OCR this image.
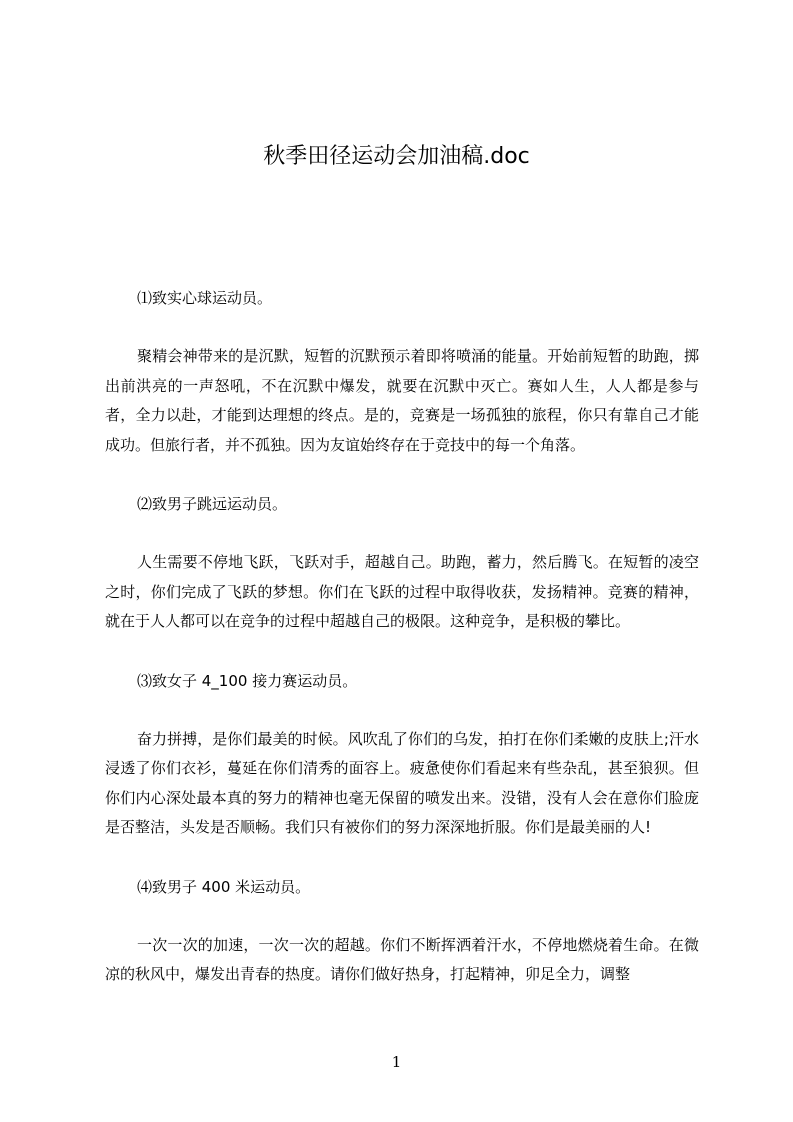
秋季田径运动会加油稿.doc

⑴致实心球运动员。

聚精会神带来的是沉默，短暂的沉默预示着即将喷涌的能量。开始前短暂的助跑，掷出前洪亮的一声怒吼，不在沉默中爆发，就要在沉默中灭亡。赛如人生，人人都是参与者，全力以赴，才能到达理想的终点。是的，竞赛是一场孤独的旅程，你只有靠自己才能成功。但旅行者，并不孤独。因为友谊始终存在于竞技中的每一个角落。

⑵致男子跳远运动员。

人生需要不停地飞跃，飞跃对手，超越自己。助跑，蓄力，然后腾飞。在短暂的凌空之时，你们完成了飞跃的梦想。你们在飞跃的过程中取得收获，发扬精神。竞赛的精神，就在于人人都可以在竞争的过程中超越自己的极限。这种竞争，是积极的攀比。

⑶致女子 4_100 接力赛运动员。

奋力拼搏，是你们最美的时候。风吹乱了你们的乌发，拍打在你们柔嫩的皮肤上;汗水浸透了你们衣衫，蔓延在你们清秀的面容上。疲惫使你们看起来有些杂乱，甚至狼狈。但你们内心深处最本真的努力的精神也毫无保留的喷发出来。没错，没有人会在意你们脸庞是否整洁，头发是否顺畅。我们只有被你们的努力深深地折服。你们是最美丽的人!

⑷致男子 400 米运动员。

一次一次的加速，一次一次的超越。你们不断挥洒着汗水，不停地燃烧着生命。在微凉的秋风中，爆发出青春的热度。请你们做好热身，打起精神，卯足全力，调整

1
